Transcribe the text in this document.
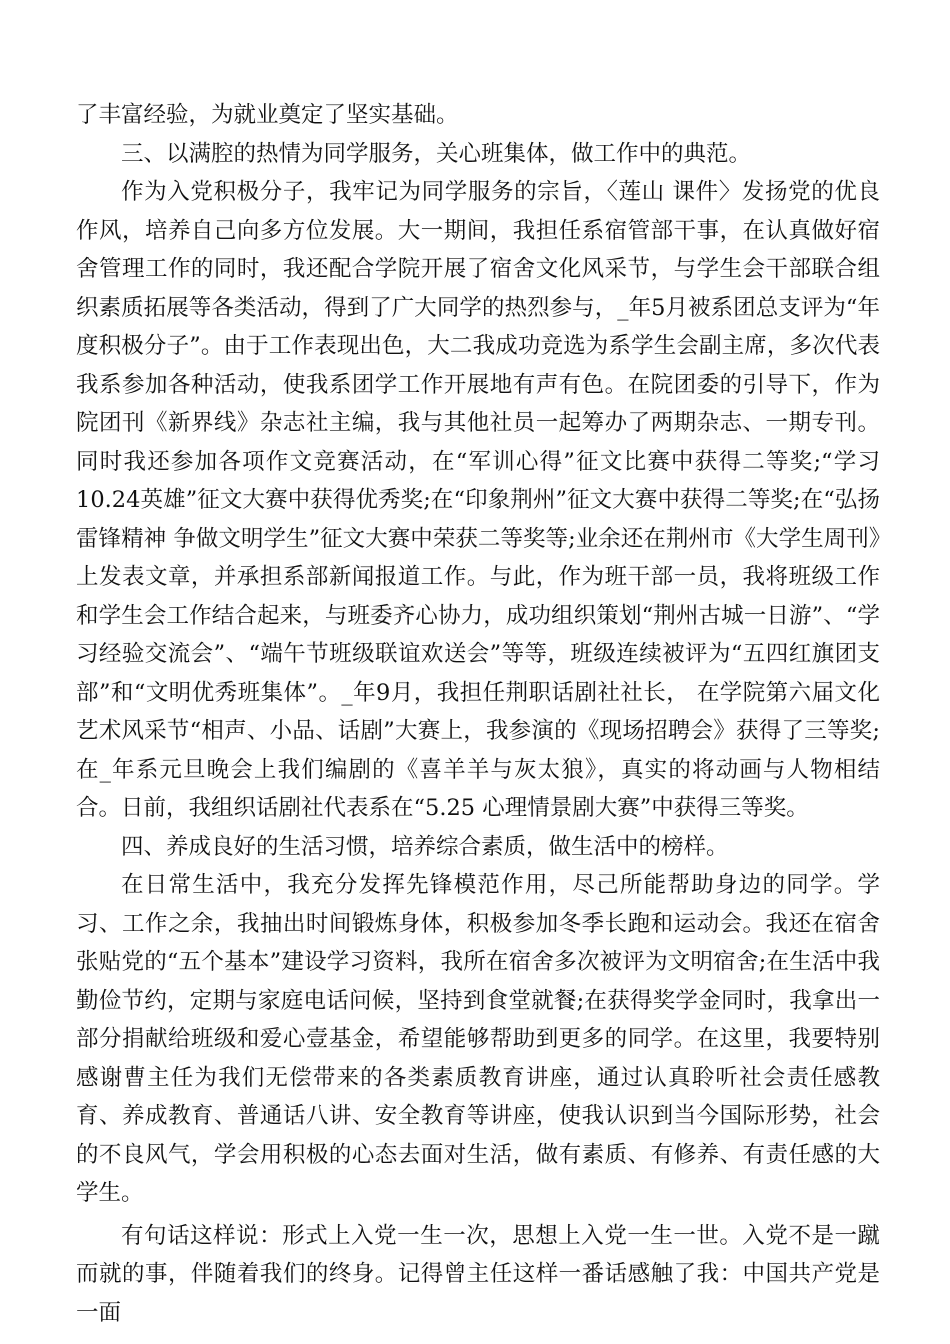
了丰富经验，为就业奠定了坚实基础。

三、以满腔的热情为同学服务，关心班集体，做工作中的典范。

作为入党积极分子，我牢记为同学服务的宗旨，〈莲山 课件〉发扬党的优良作风，培养自己向多方位发展。大一期间，我担任系宿管部干事，在认真做好宿舍管理工作的同时，我还配合学院开展了宿舍文化风采节，与学生会干部联合组织素质拓展等各类活动，得到了广大同学的热烈参与，_年5月被系团总支评为“年度积极分子”。由于工作表现出色，大二我成功竞选为系学生会副主席，多次代表我系参加各种活动，使我系团学工作开展地有声有色。在院团委的引导下，作为院团刊《新界线》杂志社主编，我与其他社员一起筹办了两期杂志、一期专刊。同时我还参加各项作文竞赛活动，在“军训心得”征文比赛中获得二等奖;“学习10.24英雄”征文大赛中获得优秀奖;在“印象荆州”征文大赛中获得二等奖;在“弘扬雷锋精神 争做文明学生”征文大赛中荣获二等奖等;业余还在荆州市《大学生周刊》上发表文章，并承担系部新闻报道工作。与此，作为班干部一员，我将班级工作和学生会工作结合起来，与班委齐心协力，成功组织策划“荆州古城一日游”、“学习经验交流会”、“端午节班级联谊欢送会”等等，班级连续被评为“五四红旗团支部”和“文明优秀班集体”。_年9月，我担任荆职话剧社社长， 在学院第六届文化艺术风采节“相声、小品、话剧”大赛上，我参演的《现场招聘会》获得了三等奖;在_年系元旦晚会上我们编剧的《喜羊羊与灰太狼》，真实的将动画与人物相结合。日前，我组织话剧社代表系在“5.25 心理情景剧大赛”中获得三等奖。

四、养成良好的生活习惯，培养综合素质，做生活中的榜样。

在日常生活中，我充分发挥先锋模范作用，尽己所能帮助身边的同学。学习、工作之余，我抽出时间锻炼身体，积极参加冬季长跑和运动会。我还在宿舍张贴党的“五个基本”建设学习资料，我所在宿舍多次被评为文明宿舍;在生活中我勤俭节约，定期与家庭电话问候，坚持到食堂就餐;在获得奖学金同时，我拿出一部分捐献给班级和爱心壹基金，希望能够帮助到更多的同学。在这里，我要特别感谢曹主任为我们无偿带来的各类素质教育讲座，通过认真聆听社会责任感教育、养成教育、普通话八讲、安全教育等讲座，使我认识到当今国际形势，社会的不良风气，学会用积极的心态去面对生活，做有素质、有修养、有责任感的大学生。

有句话这样说：形式上入党一生一次，思想上入党一生一世。入党不是一蹴而就的事，伴随着我们的终身。记得曾主任这样一番话感触了我：中国共产党是一面
